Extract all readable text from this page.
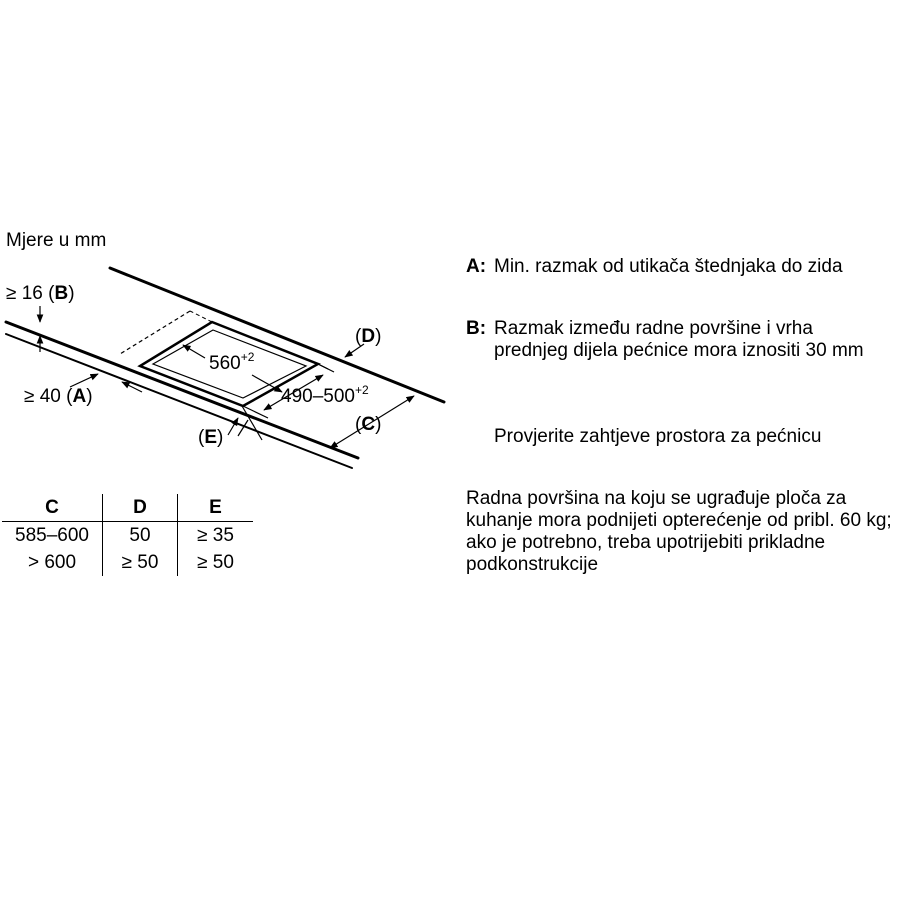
Mjere u mm
≥ 16 (B)
≥ 40 (A)
(E)
(D)
(C)
$560^{+2}$
$490-500^{+2}$
C	D	E
585–600	50	≥ 35
> 600	≥ 50	≥ 50
A: Min. razmak od utikača štednjaka do zida
B: Razmak između radne površine i vrha prednjeg dijela pećnice mora iznositi 30 mm
Provjerite zahtjeve prostora za pećnicu
Radna površina na koju se ugrađuje ploča za kuhanje mora podnijeti opterećenje od pribl. 60 kg; ako je potrebno, treba upotrijebiti prikladne podkonstrukcije
